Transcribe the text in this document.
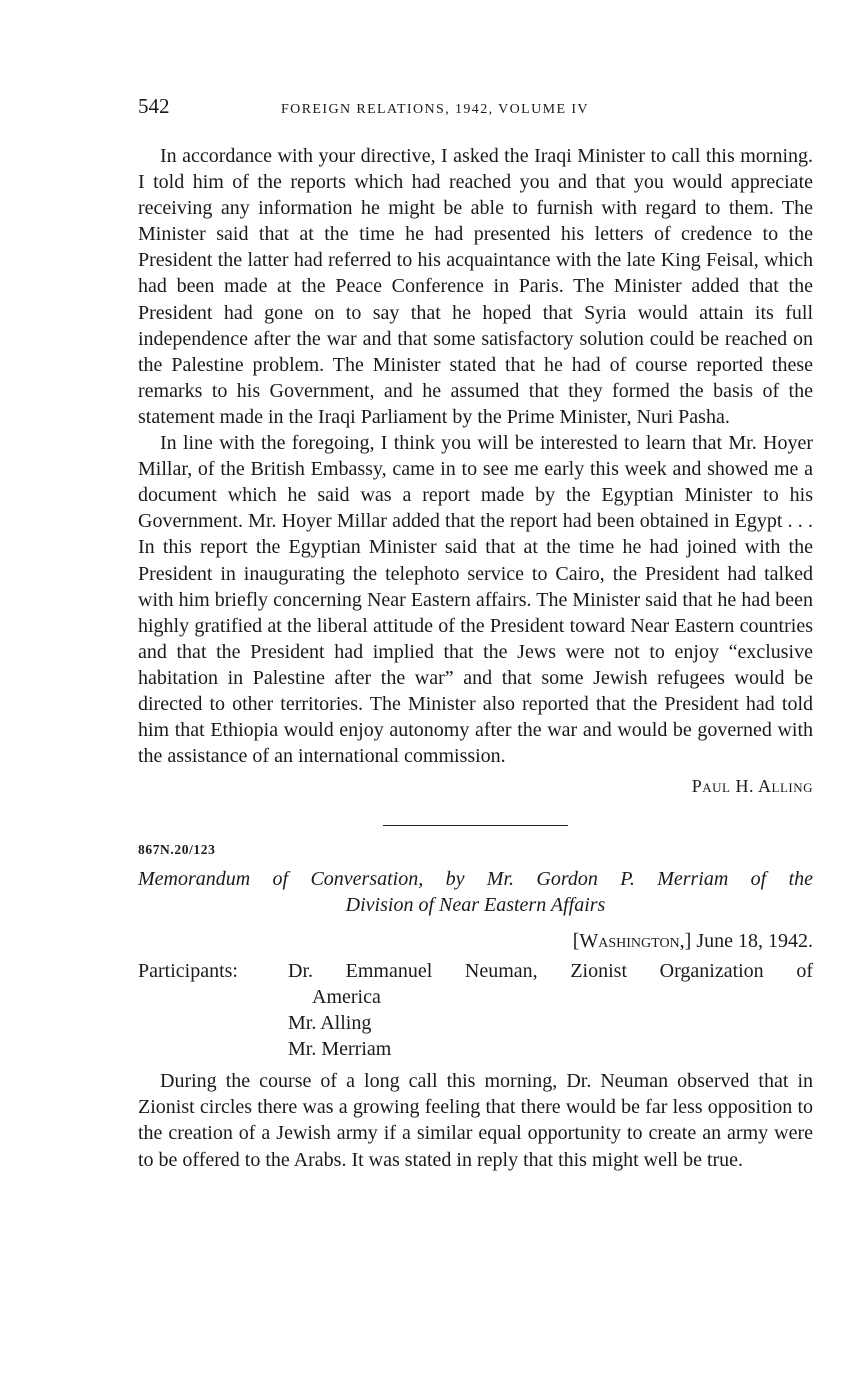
542	FOREIGN RELATIONS, 1942, VOLUME IV

In accordance with your directive, I asked the Iraqi Minister to call this morning. I told him of the reports which had reached you and that you would appreciate receiving any information he might be able to furnish with regard to them. The Minister said that at the time he had presented his letters of credence to the President the latter had referred to his acquaintance with the late King Feisal, which had been made at the Peace Conference in Paris. The Minister added that the President had gone on to say that he hoped that Syria would attain its full independence after the war and that some satisfactory solution could be reached on the Palestine problem. The Minister stated that he had of course reported these remarks to his Government, and he assumed that they formed the basis of the statement made in the Iraqi Parliament by the Prime Minister, Nuri Pasha.

In line with the foregoing, I think you will be interested to learn that Mr. Hoyer Millar, of the British Embassy, came in to see me early this week and showed me a document which he said was a report made by the Egyptian Minister to his Government. Mr. Hoyer Millar added that the report had been obtained in Egypt . . . In this report the Egyptian Minister said that at the time he had joined with the President in inaugurating the telephoto service to Cairo, the President had talked with him briefly concerning Near Eastern affairs. The Minister said that he had been highly gratified at the liberal attitude of the President toward Near Eastern countries and that the President had implied that the Jews were not to enjoy “exclusive habitation in Palestine after the war” and that some Jewish refugees would be directed to other territories. The Minister also reported that the President had told him that Ethiopia would enjoy autonomy after the war and would be governed with the assistance of an international commission.

Paul H. Alling
867N.20/123
Memorandum of Conversation, by Mr. Gordon P. Merriam of the
Division of Near Eastern Affairs
[Washington,] June 18, 1942.
Participants:	Dr. Emmanuel Neuman, Zionist Organization of
America
Mr. Alling
Mr. Merriam

During the course of a long call this morning, Dr. Neuman observed that in Zionist circles there was a growing feeling that there would be far less opposition to the creation of a Jewish army if a similar equal opportunity to create an army were to be offered to the Arabs. It was stated in reply that this might well be true.
